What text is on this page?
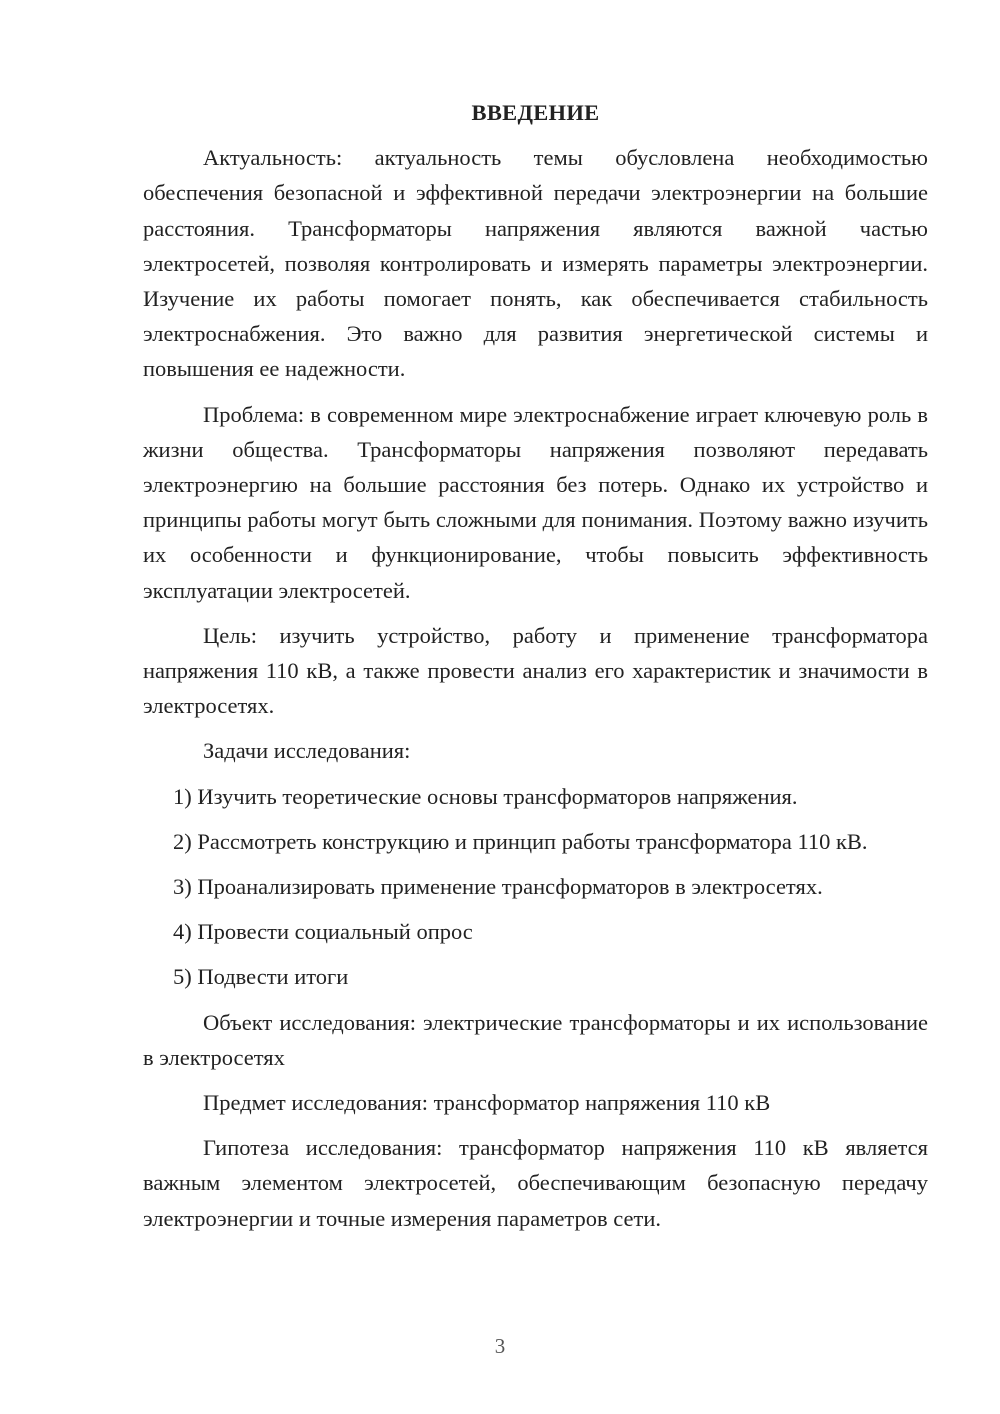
ВВЕДЕНИЕ

Актуальность: актуальность темы обусловлена необходимостью обеспечения безопасной и эффективной передачи электроэнергии на большие расстояния. Трансформаторы напряжения являются важной частью электросетей, позволяя контролировать и измерять параметры электроэнергии. Изучение их работы помогает понять, как обеспечивается стабильность электроснабжения. Это важно для развития энергетической системы и повышения ее надежности.

Проблема: в современном мире электроснабжение играет ключевую роль в жизни общества. Трансформаторы напряжения позволяют передавать электроэнергию на большие расстояния без потерь. Однако их устройство и принципы работы могут быть сложными для понимания. Поэтому важно изучить их особенности и функционирование, чтобы повысить эффективность эксплуатации электросетей.

Цель: изучить устройство, работу и применение трансформатора напряжения 110 кВ, а также провести анализ его характеристик и значимости в электросетях.

Задачи исследования:

1) Изучить теоретические основы трансформаторов напряжения.

2) Рассмотреть конструкцию и принцип работы трансформатора 110 кВ.

3) Проанализировать применение трансформаторов в электросетях.

4) Провести социальный опрос

5) Подвести итоги

Объект исследования: электрические трансформаторы и их использование в электросетях

Предмет исследования: трансформатор напряжения 110 кВ

Гипотеза исследования: трансформатор напряжения 110 кВ является важным элементом электросетей, обеспечивающим безопасную передачу электроэнергии и точные измерения параметров сети.

3
